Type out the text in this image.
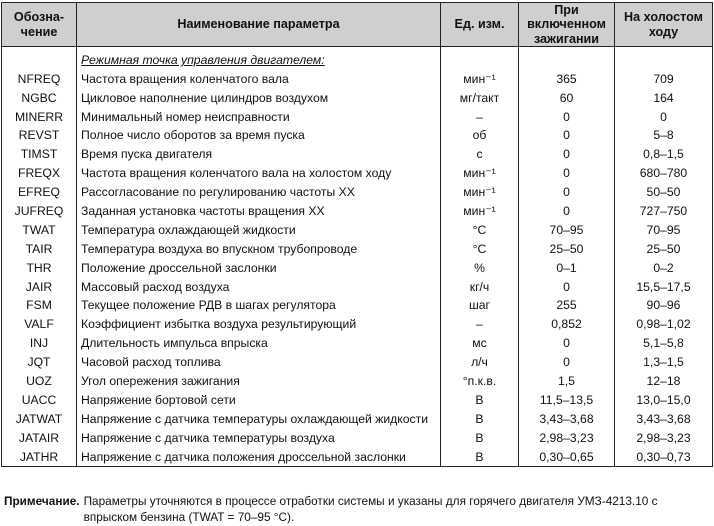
Обозна-
чение	Наименование параметра	Ед. изм.	При включенном зажигании	На холостом ходу
	Режимная точка управления двигателем:			
NFREQ	Частота вращения коленчатого вала	мин⁻¹	365	709
NGBC	Цикловое наполнение цилиндров воздухом	мг/такт	60	164
MINERR	Минимальный номер неисправности	–	0	0
REVST	Полное число оборотов за время пуска	об	0	5–8
TIMST	Время пуска двигателя	с	0	0,8–1,5
FREQX	Частота вращения коленчатого вала на холостом ходу	мин⁻¹	0	680–780
EFREQ	Рассогласование по регулированию частоты ХХ	мин⁻¹	0	50–50
JUFREQ	Заданная установка частоты вращения ХХ	мин⁻¹	0	727–750
TWAT	Температура охлаждающей жидкости	°С	70–95	70–95
TAIR	Температура воздуха во впускном трубопроводе	°С	25–50	25–50
THR	Положение дроссельной заслонки	%	0–1	0–2
JAIR	Массовый расход воздуха	кг/ч	0	15,5–17,5
FSM	Текущее положение РДВ в шагах регулятора	шаг	255	90–96
VALF	Коэффициент избытка воздуха результирующий	–	0,852	0,98–1,02
INJ	Длительность импульса впрыска	мс	0	5,1–5,8
JQT	Часовой расход топлива	л/ч	0	1,3–1,5
UOZ	Угол опережения зажигания	°п.к.в.	1,5	12–18
UACC	Напряжение бортовой сети	В	11,5–13,5	13,0–15,0
JATWAT	Напряжение с датчика температуры охлаждающей жидкости	В	3,43–3,68	3,43–3,68
JATAIR	Напряжение с датчика температуры воздуха	В	2,98–3,23	2,98–3,23
JATHR	Напряжение с датчика положения дроссельной заслонки	В	0,30–0,65	0,30–0,73
Примечание. Параметры уточняются в процессе отработки системы и указаны для горячего двигателя УМЗ-4213.10 с впрыском бензина (TWAT = 70–95 °С).
